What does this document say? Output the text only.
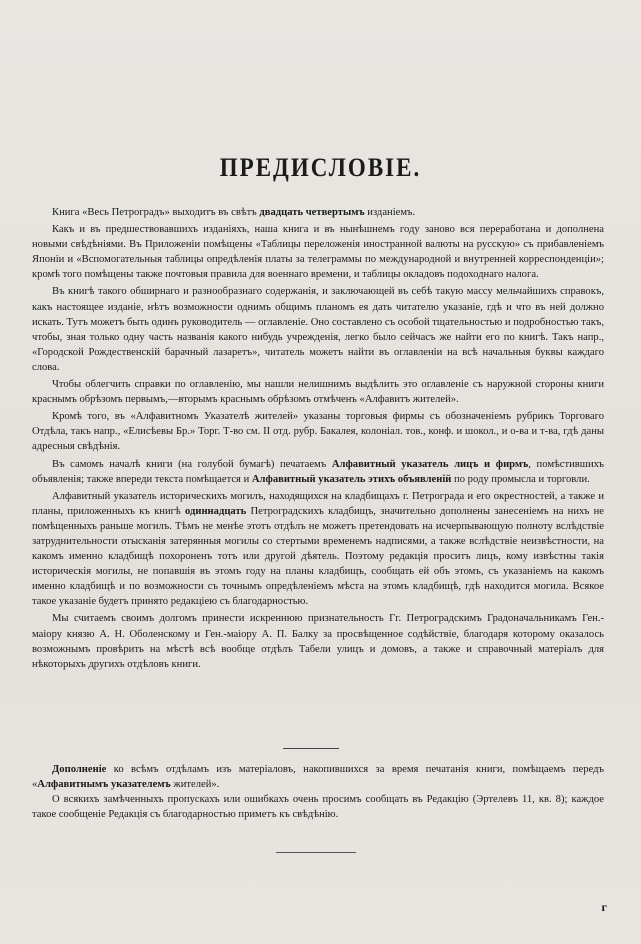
ПРЕДИСЛОВІЕ.

Книга «Весь Петроградъ» выходитъ въ свѣтъ двадцать четвертымъ изданіемъ.

Какъ и въ предшествовавшихъ изданіяхъ, наша книга и въ нынѣшнемъ году заново вся переработана и дополнена новыми свѣдѣніями. Въ Приложеніи помѣщены «Таблицы переложенія иностранной валюты на русскую» съ прибавленіемъ Японіи и «Вспомогательныя таблицы опредѣленія платы за телеграммы по международной и внутренней корреспонденціи»; кромѣ того помѣщены также почтовыя правила для военнаго времени, и таблицы окладовъ подоходнаго налога.

Въ книгѣ такого обширнаго и разнообразнаго содержанія, и заключающей въ себѣ такую массу мельчайшихъ справокъ, какъ настоящее изданіе, нѣтъ возможности однимъ общимъ планомъ ея дать читателю указаніе, гдѣ и что въ ней должно искать. Тутъ можетъ быть одинъ руководитель — оглавленіе. Оно составлено съ особой тщательностью и подробностью такъ, чтобы, зная только одну часть названія какого нибудь учрежденія, легко было сейчасъ же найти его по книгѣ. Такъ напр., «Городской Рождественскій барачный лазаретъ», читатель можетъ найти въ оглавленіи на всѣ начальныя буквы каждаго слова.

Чтобы облегчить справки по оглавленію, мы нашли нелишнимъ выдѣлить это оглавленіе съ наружной стороны книги краснымъ обрѣзомъ первымъ,—вторымъ краснымъ обрѣзомъ отмѣченъ «Алфавитъ жителей».

Кромѣ того, въ «Алфавитномъ Указателѣ жителей» указаны торговыя фирмы съ обозначеніемъ рубрикъ Торговаго Отдѣла, такъ напр., «Елисѣевы Бр.» Торг. Т-во см. II отд. рубр. Бакалея, колоніал. тов., конф. и шокол., и о-ва и т-ва, гдѣ даны адресныя свѣдѣнія.

Въ самомъ началѣ книги (на голубой бумагѣ) печатаемъ Алфавитный указатель лицъ и фирмъ, помѣстившихъ объявленія; также впереди текста помѣщается и Алфавитный указатель этихъ объявленій по роду промысла и торговли.

Алфавитный указатель историческихъ могилъ, находящихся на кладбищахъ г. Петрограда и его окрестностей, а также и планы, приложенныхъ къ книгѣ одиннадцать Петроградскихъ кладбищъ, значительно дополнены занесеніемъ на нихъ не помѣщенныхъ раньше могилъ. Тѣмъ не менѣе этотъ отдѣлъ не можетъ претендовать на исчерпывающую полноту вслѣдствіе затруднительности отысканія затерянныя могилы со стертыми временемъ надписями, а также вслѣдствіе неизвѣстности, на какомъ именно кладбищѣ похороненъ тотъ или другой дѣятель. Поэтому редакція проситъ лицъ, кому извѣстны такія историческія могилы, не попавшія въ этомъ году на планы кладбищъ, сообщать ей объ этомъ, съ указаніемъ на какомъ именно кладбищѣ и по возможности съ точнымъ опредѣленіемъ мѣста на этомъ кладбищѣ, гдѣ находится могила. Всякое такое указаніе будетъ принято редакціею съ благодарностью.

Мы считаемъ своимъ долгомъ принести искреннюю признательность Гг. Петроградскимъ Градоначальникамъ Ген.-маіору князю А. Н. Оболенскому и Ген.-маіору А. П. Балку за просвѣщенное содѣйствіе, благодаря которому оказалось возможнымъ провѣрить на мѣстѣ всѣ вообще отдѣлъ Табели улицъ и домовъ, а также и справочный матеріалъ для нѣкоторыхъ другихъ отдѣловъ книги.

Дополненіе ко всѣмъ отдѣламъ изъ матеріаловъ, накопившихся за время печатанія книги, помѣщаемъ передъ «Алфавитнымъ указателемъ жителей».

О всякихъ замѣченныхъ пропускахъ или ошибкахъ очень просимъ сообщать въ Редакцію (Эртелевъ 11, кв. 8); каждое такое сообщеніе Редакція съ благодарностью приметъ къ свѣдѣнію.

г
